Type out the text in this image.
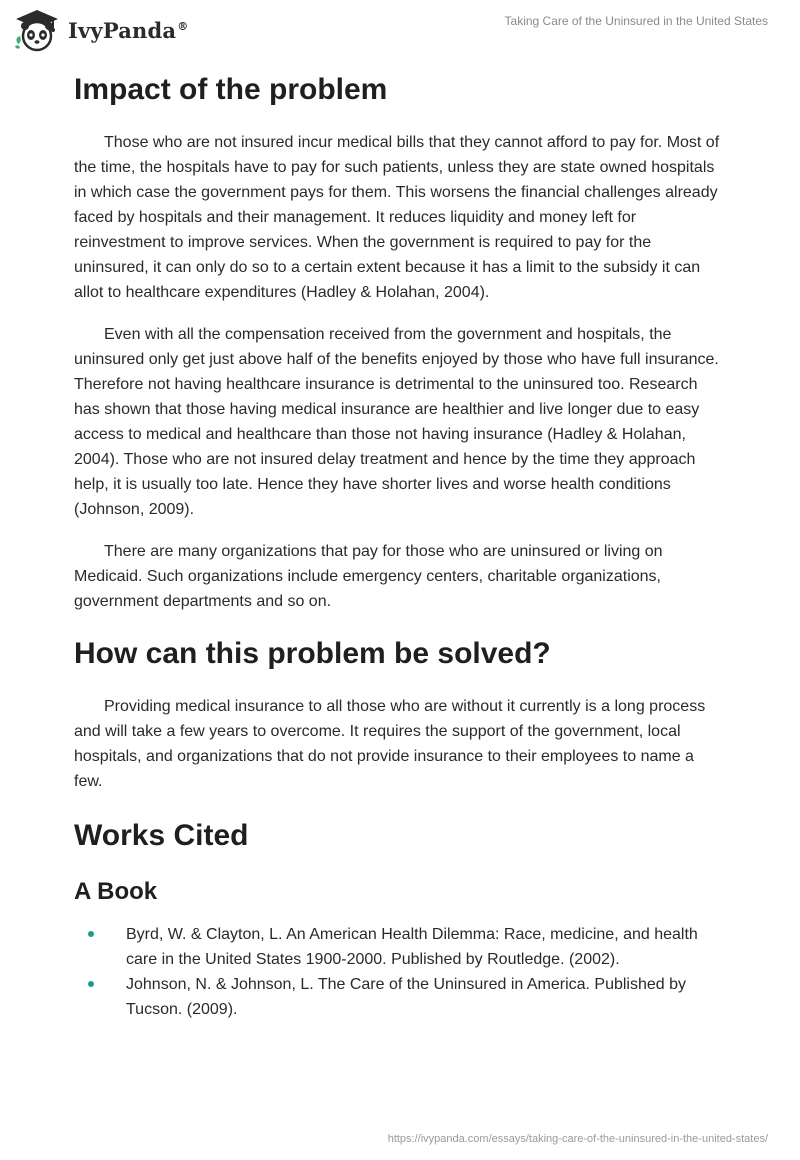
IvyPanda®	Taking Care of the Uninsured in the United States
Impact of the problem

Those who are not insured incur medical bills that they cannot afford to pay for. Most of the time, the hospitals have to pay for such patients, unless they are state owned hospitals in which case the government pays for them. This worsens the financial challenges already faced by hospitals and their management. It reduces liquidity and money left for reinvestment to improve services. When the government is required to pay for the uninsured, it can only do so to a certain extent because it has a limit to the subsidy it can allot to healthcare expenditures (Hadley & Holahan, 2004).

Even with all the compensation received from the government and hospitals, the uninsured only get just above half of the benefits enjoyed by those who have full insurance. Therefore not having healthcare insurance is detrimental to the uninsured too. Research has shown that those having medical insurance are healthier and live longer due to easy access to medical and healthcare than those not having insurance (Hadley & Holahan, 2004). Those who are not insured delay treatment and hence by the time they approach help, it is usually too late. Hence they have shorter lives and worse health conditions (Johnson, 2009).

There are many organizations that pay for those who are uninsured or living on Medicaid. Such organizations include emergency centers, charitable organizations, government departments and so on.

How can this problem be solved?

Providing medical insurance to all those who are without it currently is a long process and will take a few years to overcome. It requires the support of the government, local hospitals, and organizations that do not provide insurance to their employees to name a few.

Works Cited
A Book
Byrd, W. & Clayton, L. An American Health Dilemma: Race, medicine, and health care in the United States 1900-2000. Published by Routledge. (2002).
Johnson, N. & Johnson, L. The Care of the Uninsured in America. Published by Tucson. (2009).
https://ivypanda.com/essays/taking-care-of-the-uninsured-in-the-united-states/
